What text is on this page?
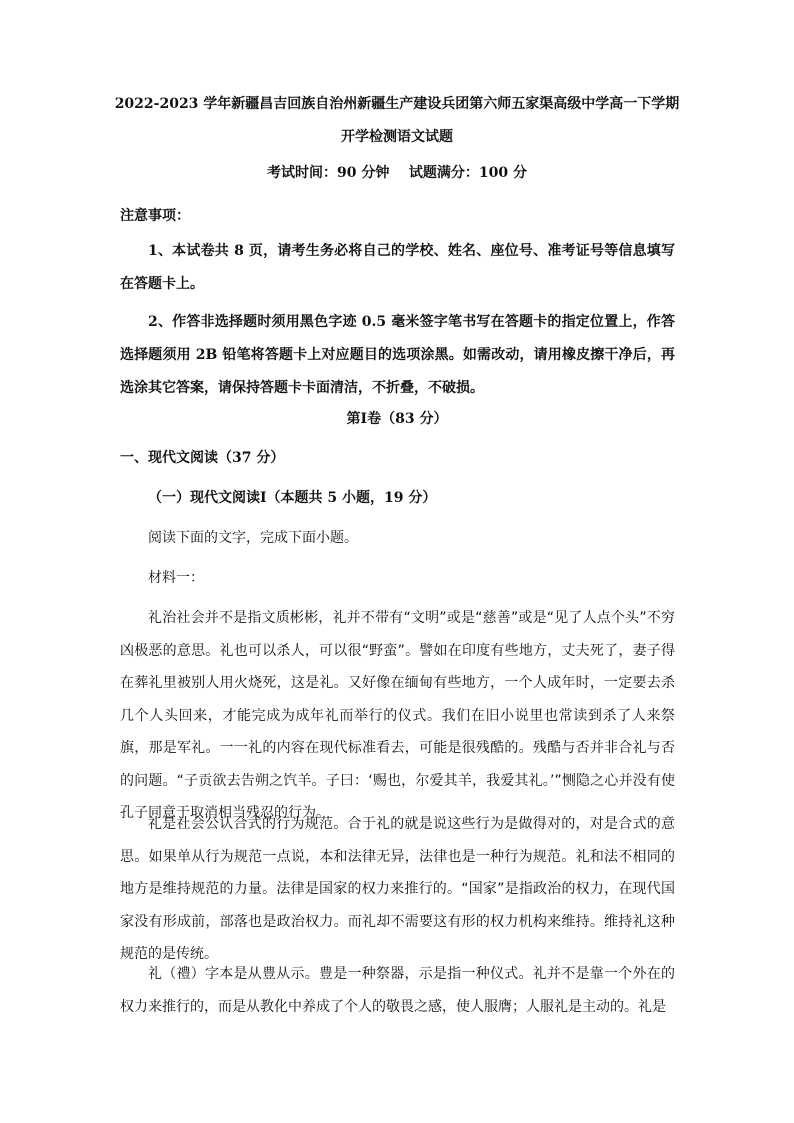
2022-2023 学年新疆昌吉回族自治州新疆生产建设兵团第六师五家渠高级中学高一下学期
开学检测语文试题
考试时间：90 分钟    试题满分：100 分
注意事项：
1、本试卷共 8 页，请考生务必将自己的学校、姓名、座位号、准考证号等信息填写在答题卡上。
2、作答非选择题时须用黑色字迹 0.5 毫米签字笔书写在答题卡的指定位置上，作答选择题须用 2B 铅笔将答题卡上对应题目的选项涂黑。如需改动，请用橡皮擦干净后，再选涂其它答案，请保持答题卡卡面清洁，不折叠，不破损。
第Ⅰ卷（83 分）
一、现代文阅读（37 分）
（一）现代文阅读Ⅰ（本题共 5 小题，19 分）
阅读下面的文字，完成下面小题。
材料一：
礼治社会并不是指文质彬彬，礼并不带有“文明”或是“慈善”或是“见了人点个头”不穷凶极恶的意思。礼也可以杀人，可以很“野蛮”。譬如在印度有些地方，丈夫死了，妻子得在葬礼里被别人用火烧死，这是礼。又好像在缅甸有些地方，一个人成年时，一定要去杀几个人头回来，才能完成为成年礼而举行的仪式。我们在旧小说里也常读到杀了人来祭旗，那是军礼。一一礼的内容在现代标准看去，可能是很残酷的。残酷与否并非合礼与否的问题。“子贡欲去告朔之饩羊。子曰：‘赐也，尔爱其羊，我爱其礼。’”恻隐之心并没有使孔子同意于取消相当残忍的行为。
礼是社会公认合式的行为规范。合于礼的就是说这些行为是做得对的，对是合式的意思。如果单从行为规范一点说，本和法律无异，法律也是一种行为规范。礼和法不相同的地方是维持规范的力量。法律是国家的权力来推行的。“国家”是指政治的权力，在现代国家没有形成前，部落也是政治权力。而礼却不需要这有形的权力机构来维持。维持礼这种规范的是传统。
礼（禮）字本是从豊从示。豊是一种祭器，示是指一种仪式。礼并不是靠一个外在的权力来推行的，而是从教化中养成了个人的敬畏之感，使人服膺；人服礼是主动的。礼是
